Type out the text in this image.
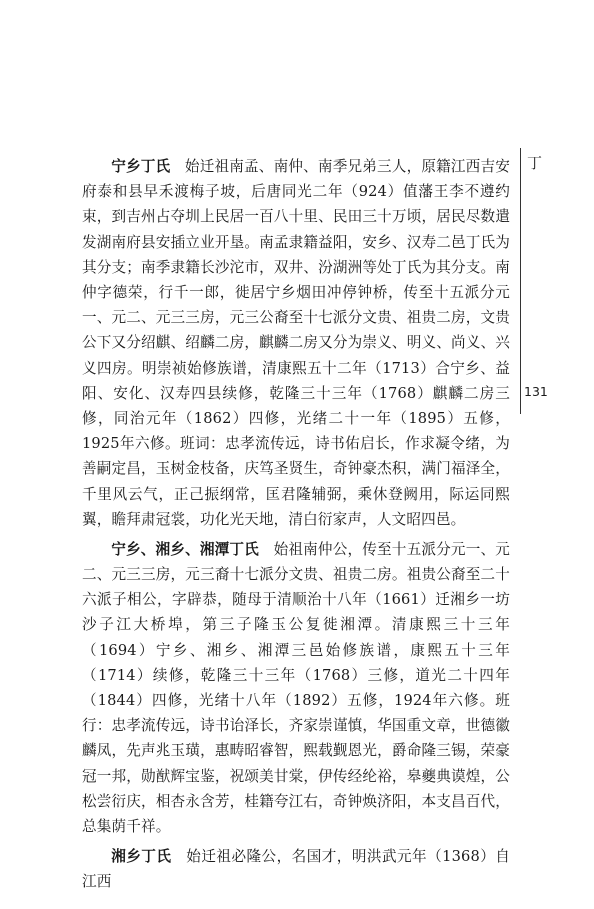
丁
131

宁乡丁氏 始迁祖南孟、南仲、南季兄弟三人，原籍江西吉安府泰和县早禾渡梅子坡，后唐同光二年（924）值藩王李不遵约束，到吉州占夺圳上民居一百八十里、民田三十万顷，居民尽数遣发湖南府县安插立业开垦。南孟隶籍益阳，安乡、汉寿二邑丁氏为其分支；南季隶籍长沙沱市，双井、汾湖洲等处丁氏为其分支。南仲字德荣，行千一郎，徙居宁乡烟田冲停钟桥，传至十五派分元一、元二、元三三房，元三公裔至十七派分文贵、祖贵二房，文贵公下又分绍麒、绍麟二房，麒麟二房又分为崇义、明义、尚义、兴义四房。明崇祯始修族谱，清康熙五十二年（1713）合宁乡、益阳、安化、汉寿四县续修，乾隆三十三年（1768）麒麟二房三修，同治元年（1862）四修，光绪二十一年（1895）五修，1925年六修。班词：忠孝流传远，诗书佑启长，作求凝令绪，为善嗣定昌，玉树金枝备，庆笃圣贤生，奇钟豪杰积，满门福泽全，千里风云气，正己振纲常，匡君隆辅弼，乘休登阙用，际运同熙翼，瞻拜肃冠裳，功化光天地，清白衍家声，人文昭四邑。

宁乡、湘乡、湘潭丁氏 始祖南仲公，传至十五派分元一、元二、元三三房，元三裔十七派分文贵、祖贵二房。祖贵公裔至二十六派子相公，字辟恭，随母于清顺治十八年（1661）迁湘乡一坊沙子江大桥埠，第三子隆玉公复徙湘潭。清康熙三十三年（1694）宁乡、湘乡、湘潭三邑始修族谱，康熙五十三年（1714）续修，乾隆三十三年（1768）三修，道光二十四年（1844）四修，光绪十八年（1892）五修，1924年六修。班行：忠孝流传远，诗书诒泽长，齐家崇谨慎，华国重文章，世德徽麟凤，先声兆玉璜，惠畴昭睿智，熙载觐恩光，爵命隆三锡，荣豪冠一邦，勋猷辉宝鉴，祝颂美甘棠，伊传经纶裕，皋夔典谟煌，公松尝衍庆，相杏永含芳，桂籍夸江右，奇钟焕济阳，本支昌百代，总集荫千祥。

湘乡丁氏 始迁祖必隆公，名国才，明洪武元年（1368）自江西
